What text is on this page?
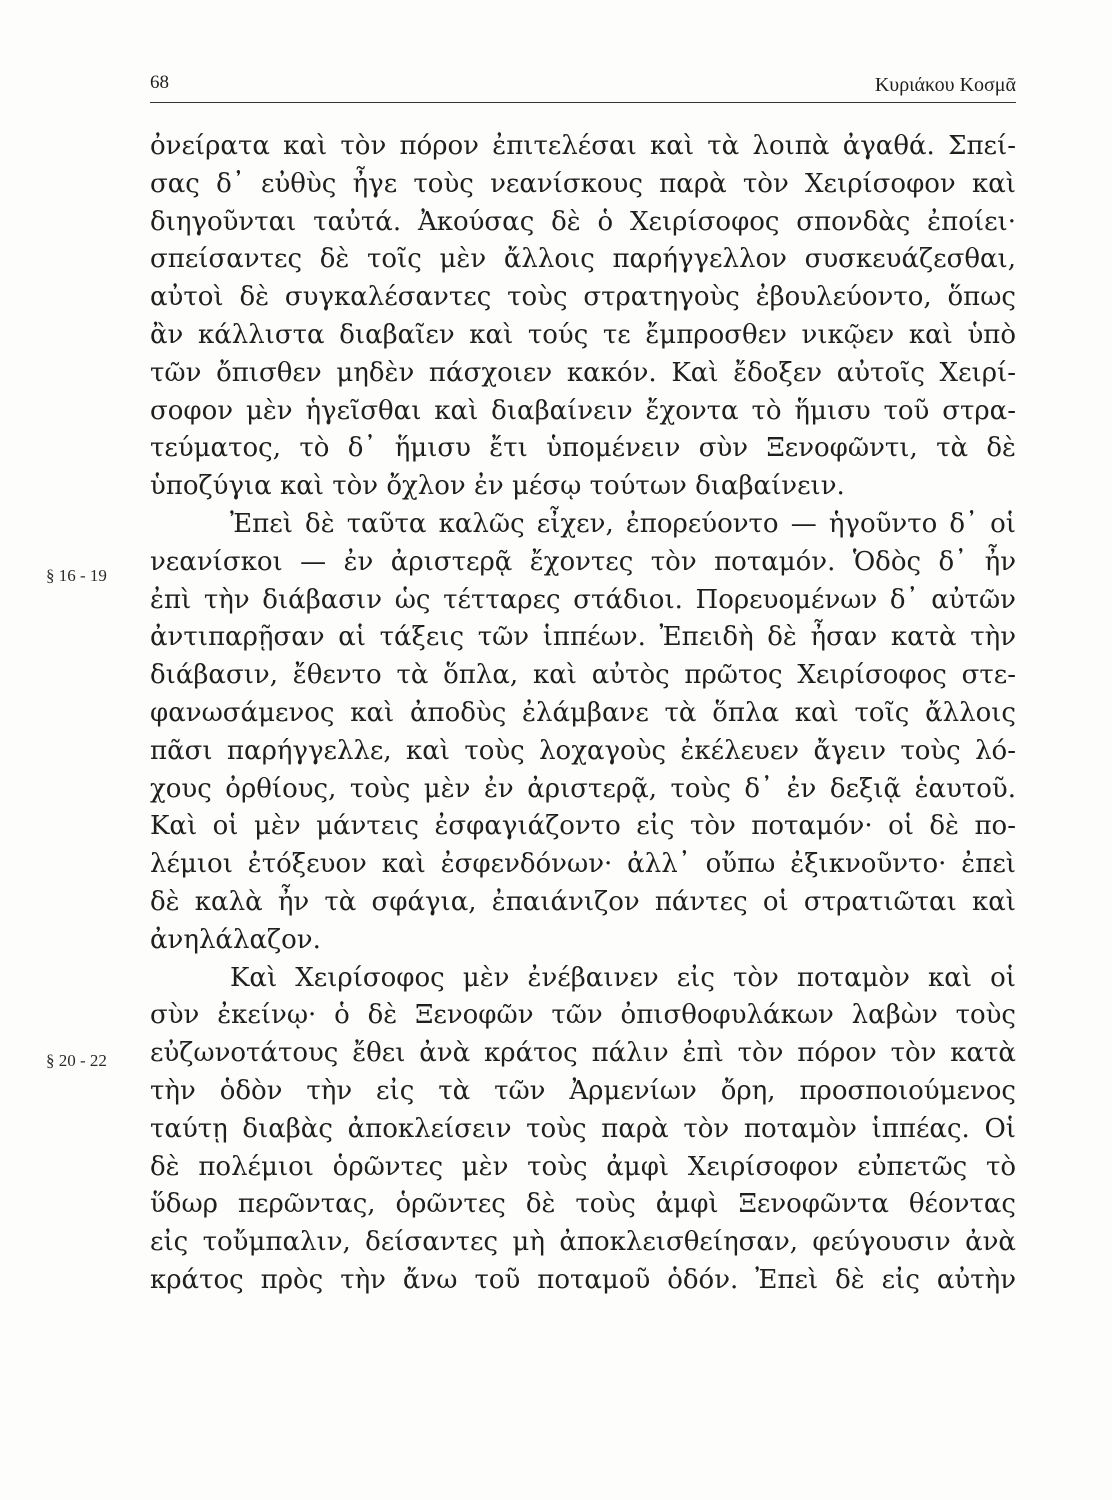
68	Κυριάκου Κοσμᾶ
§ 16 - 19
§ 20 - 22
ὀνείρατα καὶ τὸν πόρον ἐπιτελέσαι καὶ τὰ λοιπὰ ἀγαθά. Σπεί-
σας δ᾽ εὐθὺς ἦγε τοὺς νεανίσκους παρὰ τὸν Χειρίσοφον καὶ
διηγοῦνται ταὐτά. Ἀκούσας δὲ ὁ Χειρίσοφος σπονδὰς ἐποίει·
σπείσαντες δὲ τοῖς μὲν ἄλλοις παρήγγελλον συσκευάζεσθαι,
αὐτοὶ δὲ συγκαλέσαντες τοὺς στρατηγοὺς ἐβουλεύοντο, ὅπως
ἂν κάλλιστα διαβαῖεν καὶ τούς τε ἔμπροσθεν νικῷεν καὶ ὑπὸ
τῶν ὄπισθεν μηδὲν πάσχοιεν κακόν. Καὶ ἔδοξεν αὐτοῖς Χειρί-
σοφον μὲν ἡγεῖσθαι καὶ διαβαίνειν ἔχοντα τὸ ἥμισυ τοῦ στρα-
τεύματος, τὸ δ᾽ ἥμισυ ἔτι ὑπομένειν σὺν Ξενοφῶντι, τὰ δὲ
ὑποζύγια καὶ τὸν ὄχλον ἐν μέσῳ τούτων διαβαίνειν.
Ἐπεὶ δὲ ταῦτα καλῶς εἶχεν, ἐπορεύοντο — ἡγοῦντο δ᾽ οἱ
νεανίσκοι — ἐν ἀριστερᾷ ἔχοντες τὸν ποταμόν. Ὁδὸς δ᾽ ἦν
ἐπὶ τὴν διάβασιν ὡς τέτταρες στάδιοι. Πορευομένων δ᾽ αὐτῶν
ἀντιπαρῇσαν αἱ τάξεις τῶν ἱππέων. Ἐπειδὴ δὲ ἦσαν κατὰ τὴν
διάβασιν, ἔθεντο τὰ ὅπλα, καὶ αὐτὸς πρῶτος Χειρίσοφος στε-
φανωσάμενος καὶ ἀποδὺς ἐλάμβανε τὰ ὅπλα καὶ τοῖς ἄλλοις
πᾶσι παρήγγελλε, καὶ τοὺς λοχαγοὺς ἐκέλευεν ἄγειν τοὺς λό-
χους ὀρθίους, τοὺς μὲν ἐν ἀριστερᾷ, τοὺς δ᾽ ἐν δεξιᾷ ἑαυτοῦ.
Καὶ οἱ μὲν μάντεις ἐσφαγιάζοντο εἰς τὸν ποταμόν· οἱ δὲ πο-
λέμιοι ἐτόξευον καὶ ἐσφενδόνων· ἀλλ᾽ οὔπω ἐξικνοῦντο· ἐπεὶ
δὲ καλὰ ἦν τὰ σφάγια, ἐπαιάνιζον πάντες οἱ στρατιῶται καὶ
ἀνηλάλαζον.
Καὶ Χειρίσοφος μὲν ἐνέβαινεν εἰς τὸν ποταμὸν καὶ οἱ
σὺν ἐκείνῳ· ὁ δὲ Ξενοφῶν τῶν ὀπισθοφυλάκων λαβὼν τοὺς
εὐζωνοτάτους ἔθει ἀνὰ κράτος πάλιν ἐπὶ τὸν πόρον τὸν κατὰ
τὴν ὁδὸν τὴν εἰς τὰ τῶν Ἀρμενίων ὄρη, προσποιούμενος
ταύτῃ διαβὰς ἀποκλείσειν τοὺς παρὰ τὸν ποταμὸν ἱππέας. Οἱ
δὲ πολέμιοι ὁρῶντες μὲν τοὺς ἀμφὶ Χειρίσοφον εὐπετῶς τὸ
ὕδωρ περῶντας, ὁρῶντες δὲ τοὺς ἀμφὶ Ξενοφῶντα θέοντας
εἰς τοὔμπαλιν, δείσαντες μὴ ἀποκλεισθείησαν, φεύγουσιν ἀνὰ
κράτος πρὸς τὴν ἄνω τοῦ ποταμοῦ ὁδόν. Ἐπεὶ δὲ εἰς αὐτὴν
